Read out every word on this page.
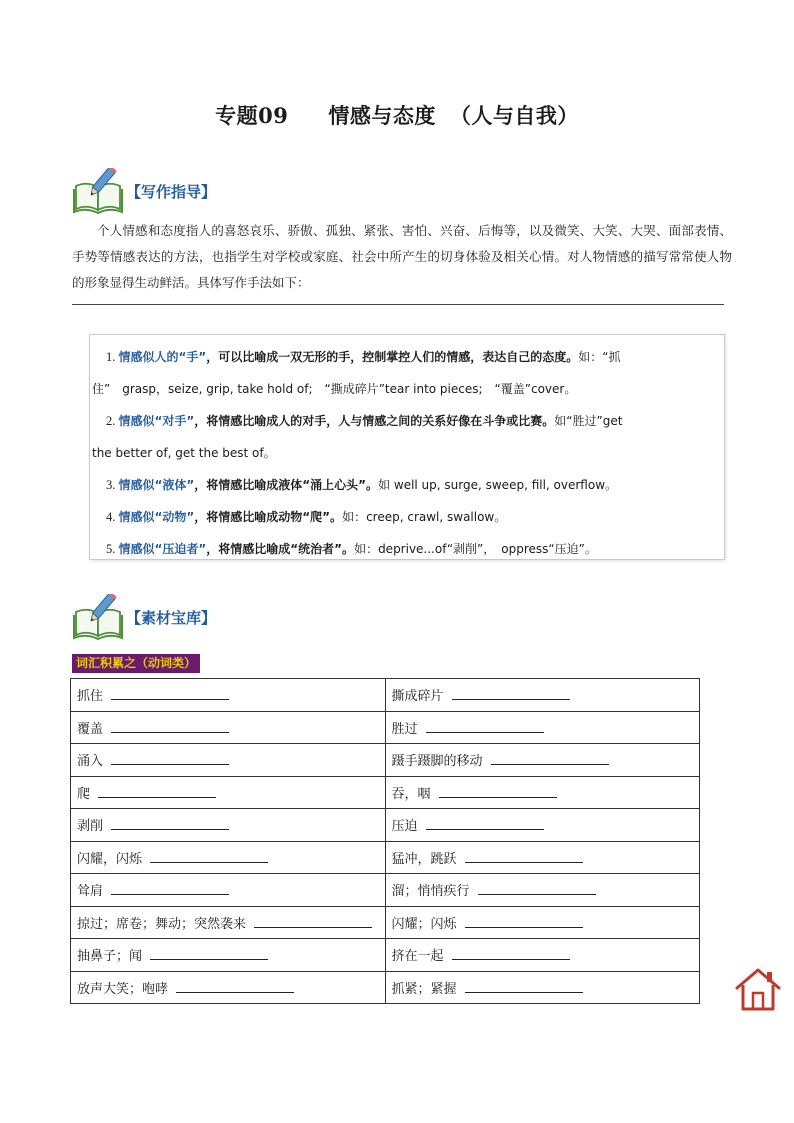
专题09 情感与态度 （人与自我）
【写作指导】

个人情感和态度指人的喜怒哀乐、骄傲、孤独、紧张、害怕、兴奋、后悔等，以及微笑、大笑、大哭、面部表情、手势等情感表达的方法，也指学生对学校或家庭、社会中所产生的切身体验及相关心情。对人物情感的描写常常使人物的形象显得生动鲜活。具体写作手法如下：

1. 情感似人的“手”，可以比喻成一双无形的手，控制掌控人们的情感，表达自己的态度。如：“抓
住”　grasp，seize, grip, take hold of;　“撕成碎片”tear into pieces;　“覆盖”cover。
2. 情感似“对手”，将情感比喻成人的对手，人与情感之间的关系好像在斗争或比赛。如“胜过”get
the better of, get the best of。
3. 情感似“液体”，将情感比喻成液体“涌上心头”。如 well up, surge, sweep, fill, overflow。
4. 情感似“动物”，将情感比喻成动物“爬”。如：creep, crawl, swallow。
5. 情感似“压迫者”，将情感比喻成“统治者”。如：deprive...of“剥削”，　oppress“压迫”。
【素材宝库】
词汇积累之（动词类）
抓住	撕成碎片
覆盖	胜过
涌入	蹑手蹑脚的移动
爬	吞，咽
剥削	压迫
闪耀，闪烁	猛冲，跳跃
耸肩	溜；悄悄疾行
掠过；席卷；舞动；突然袭来	闪耀；闪烁
抽鼻子；闻	挤在一起
放声大笑；咆哮	抓紧；紧握
